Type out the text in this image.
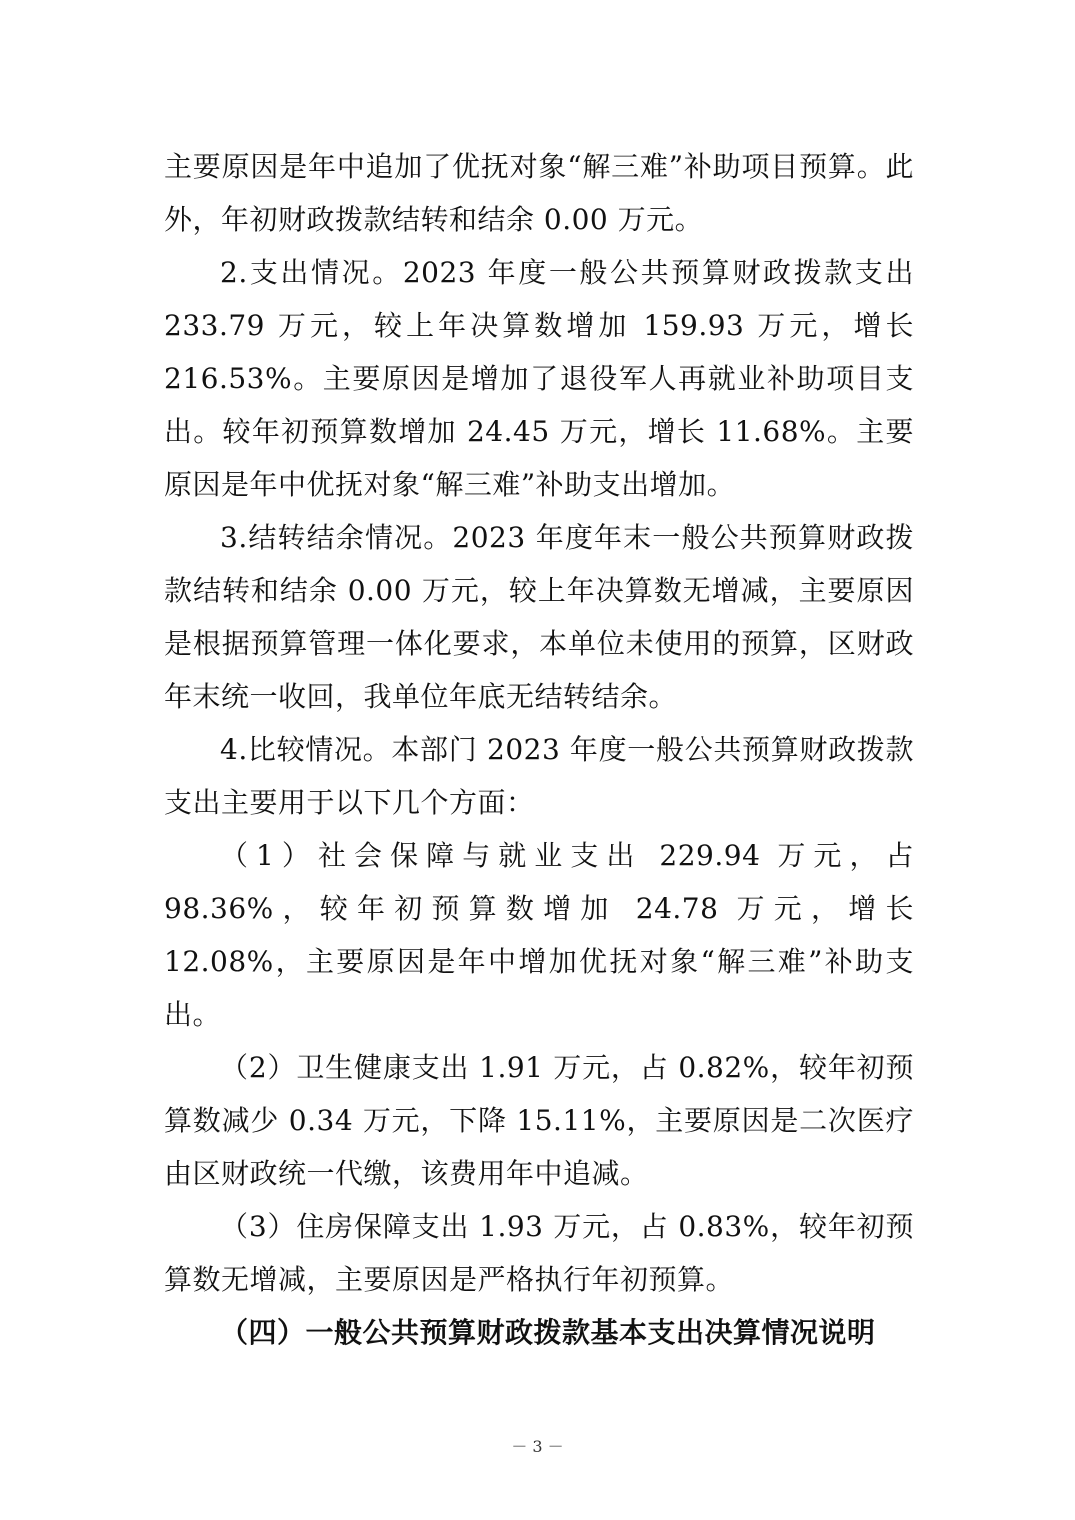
主要原因是年中追加了优抚对象“解三难”补助项目预算。此外，年初财政拨款结转和结余 0.00 万元。

2.支出情况。2023 年度一般公共预算财政拨款支出 233.79 万元，较上年决算数增加 159.93 万元，增长 216.53%。主要原因是增加了退役军人再就业补助项目支出。较年初预算数增加 24.45 万元，增长 11.68%。主要原因是年中优抚对象“解三难”补助支出增加。

3.结转结余情况。2023 年度年末一般公共预算财政拨款结转和结余 0.00 万元，较上年决算数无增减，主要原因是根据预算管理一体化要求，本单位未使用的预算，区财政年末统一收回，我单位年底无结转结余。

4.比较情况。本部门 2023 年度一般公共预算财政拨款支出主要用于以下几个方面：

（1）社会保障与就业支出 229.94 万元，占 98.36%，较年初预算数增加 24.78 万元，增长 12.08%，主要原因是年中增加优抚对象“解三难”补助支出。

（2）卫生健康支出 1.91 万元，占 0.82%，较年初预算数减少 0.34 万元，下降 15.11%，主要原因是二次医疗由区财政统一代缴，该费用年中追减。

（3）住房保障支出 1.93 万元，占 0.83%，较年初预算数无增减，主要原因是严格执行年初预算。

（四）一般公共预算财政拨款基本支出决算情况说明

－ 3 －
